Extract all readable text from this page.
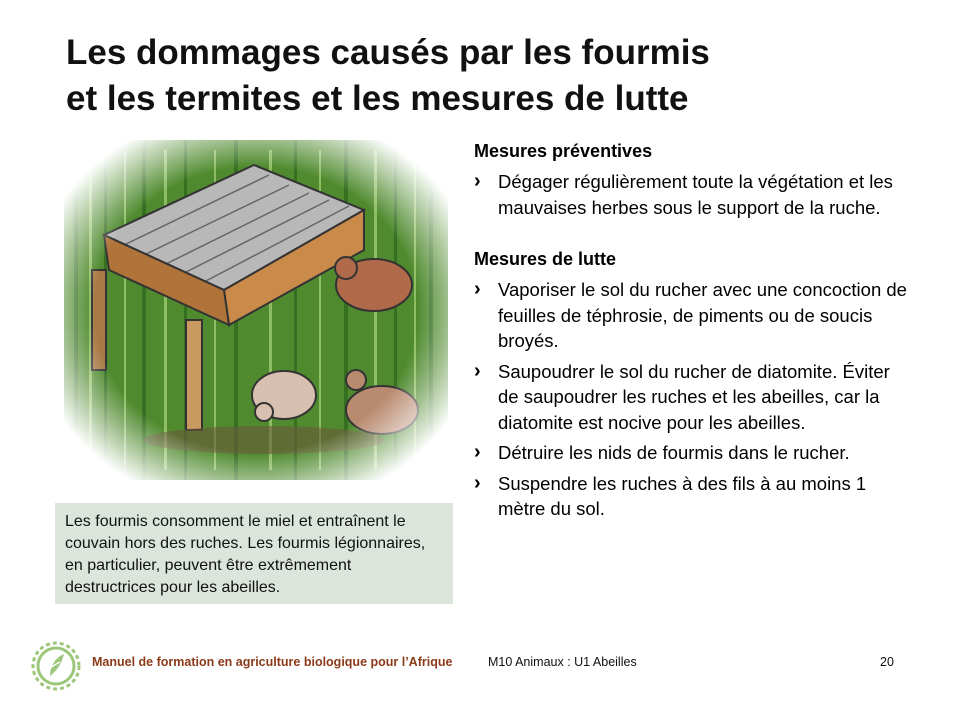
Les dommages causés par les fourmis
et les termites et les mesures de lutte

Les fourmis consomment le miel et entraînent le couvain hors des ruches. Les fourmis légionnaires, en particulier, peuvent être extrêmement destructrices pour les abeilles.

Mesures préventives
› Dégager régulièrement toute la végétation et les mauvaises herbes sous le support de la ruche.
Mesures de lutte
› Vaporiser le sol du rucher avec une concoction de feuilles de téphrosie, de piments ou de soucis broyés.
› Saupoudrer le sol du rucher de diatomite. Éviter de saupoudrer les ruches et les abeilles, car la diatomite est nocive pour les abeilles.
› Détruire les nids de fourmis dans le rucher.
› Suspendre les ruches à des fils à au moins 1 mètre du sol.
Manuel de formation en agriculture biologique pour l’Afrique	M10 Animaux : U1 Abeilles	20
